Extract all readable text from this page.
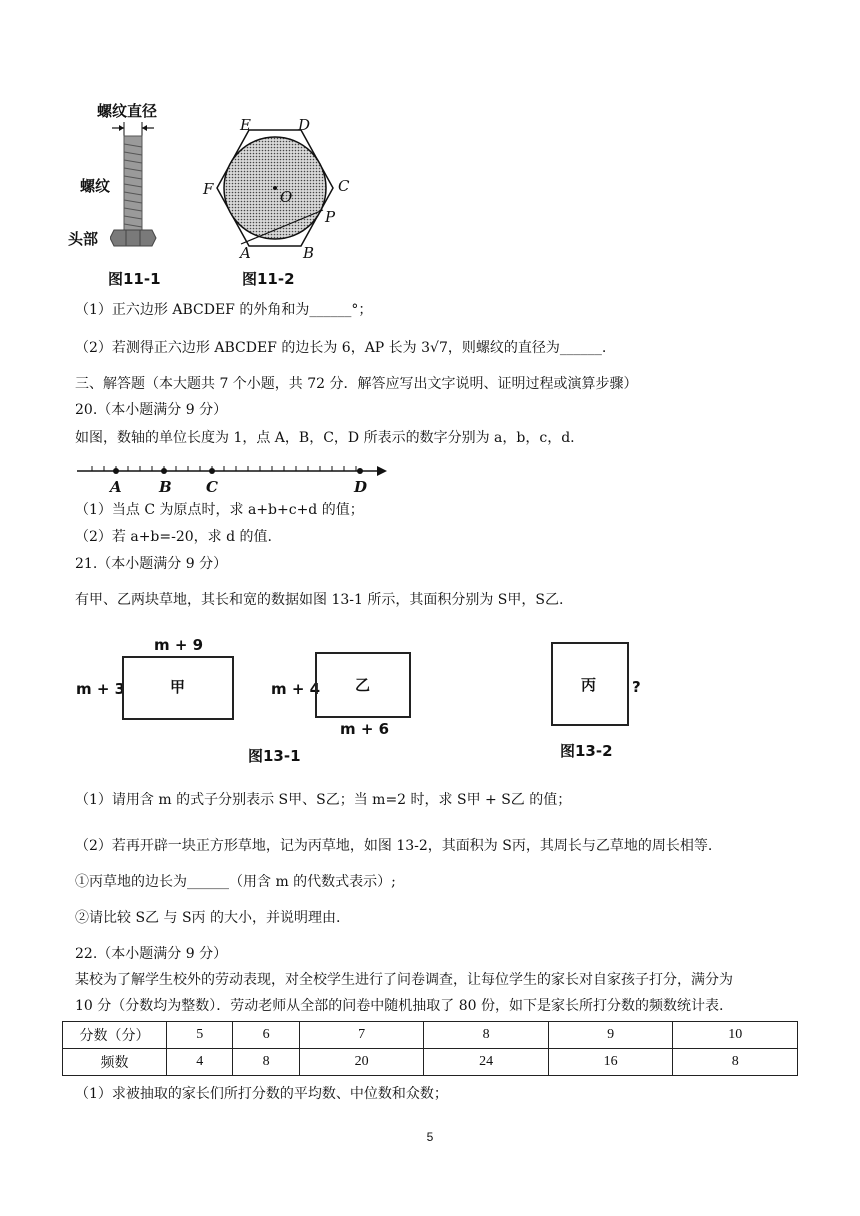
螺纹直径
螺纹
头部
图11-1
E	D
C
F	O
P
A	B
图11-2
（1）正六边形 ABCDEF 的外角和为______°；
（2）若测得正六边形 ABCDEF 的边长为 6，AP 长为 3√7，则螺纹的直径为______.
三、解答题（本大题共 7 个小题，共 72 分．解答应写出文字说明、证明过程或演算步骤）
20.（本小题满分 9 分）
如图，数轴的单位长度为 1，点 A，B，C，D 所表示的数字分别为 a，b，c，d.
A B C	D
（1）当点 C 为原点时，求 a+b+c+d 的值；
（2）若 a+b=-20，求 d 的值.
21.（本小题满分 9 分）
有甲、乙两块草地，其长和宽的数据如图 13-1 所示，其面积分别为 S甲，S乙.
m + 9
m + 3	甲	m + 4 乙
m + 6
图13-1
丙 ?
图13-2
（1）请用含 m 的式子分别表示 S甲、S乙；当 m=2 时，求 S甲 + S乙 的值；
（2）若再开辟一块正方形草地，记为丙草地，如图 13-2，其面积为 S丙，其周长与乙草地的周长相等.
①丙草地的边长为______（用含 m 的代数式表示）;
②请比较 S乙 与 S丙 的大小，并说明理由.
22.（本小题满分 9 分）
某校为了解学生校外的劳动表现，对全校学生进行了问卷调查，让每位学生的家长对自家孩子打分，满分为
10 分（分数均为整数）．劳动老师从全部的问卷中随机抽取了 80 份，如下是家长所打分数的频数统计表.
分数（分）	5	6	7	8	9	10
频数	4	8	20	24	16	8
（1）求被抽取的家长们所打分数的平均数、中位数和众数；
5
